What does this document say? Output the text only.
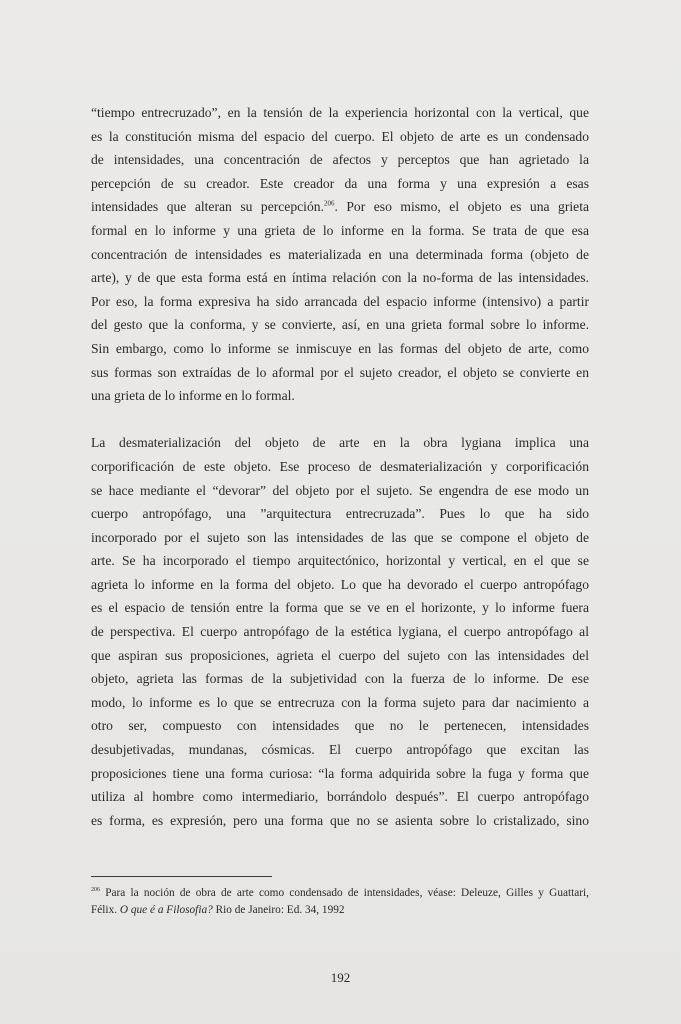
“tiempo entrecruzado”, en la tensión de la experiencia horizontal con la vertical, que
es la constitución misma del espacio del cuerpo. El objeto de arte es un condensado
de intensidades, una concentración de afectos y perceptos que han agrietado la
percepción de su creador. Este creador da una forma y una expresión a esas
intensidades que alteran su percepción.$^{206}$. Por eso mismo, el objeto es una grieta
formal en lo informe y una grieta de lo informe en la forma. Se trata de que esa
concentración de intensidades es materializada en una determinada forma (objeto de
arte), y de que esta forma está en íntima relación con la no-forma de las intensidades.
Por eso, la forma expresiva ha sido arrancada del espacio informe (intensivo) a partir
del gesto que la conforma, y se convierte, así, en una grieta formal sobre lo informe.
Sin embargo, como lo informe se inmiscuye en las formas del objeto de arte, como
sus formas son extraídas de lo aformal por el sujeto creador, el objeto se convierte en
una grieta de lo informe en lo formal.

La desmaterialización del objeto de arte en la obra lygiana implica una
corporificación de este objeto. Ese proceso de desmaterialización y corporificación
se hace mediante el “devorar” del objeto por el sujeto. Se engendra de ese modo un
cuerpo antropófago, una ”arquitectura entrecruzada”. Pues lo que ha sido
incorporado por el sujeto son las intensidades de las que se compone el objeto de
arte. Se ha incorporado el tiempo arquitectónico, horizontal y vertical, en el que se
agrieta lo informe en la forma del objeto. Lo que ha devorado el cuerpo antropófago
es el espacio de tensión entre la forma que se ve en el horizonte, y lo informe fuera
de perspectiva. El cuerpo antropófago de la estética lygiana, el cuerpo antropófago al
que aspiran sus proposiciones, agrieta el cuerpo del sujeto con las intensidades del
objeto, agrieta las formas de la subjetividad con la fuerza de lo informe. De ese
modo, lo informe es lo que se entrecruza con la forma sujeto para dar nacimiento a
otro ser, compuesto con intensidades que no le pertenecen, intensidades
desubjetivadas, mundanas, cósmicas. El cuerpo antropófago que excitan las
proposiciones tiene una forma curiosa: “la forma adquirida sobre la fuga y forma que
utiliza al hombre como intermediario, borrándolo después”. El cuerpo antropófago
es forma, es expresión, pero una forma que no se asienta sobre lo cristalizado, sino

$^{206}$ Para la noción de obra de arte como condensado de intensidades, véase: Deleuze, Gilles y Guattari,
Félix. O que é a Filosofia? Rio de Janeiro: Ed. 34, 1992
192
